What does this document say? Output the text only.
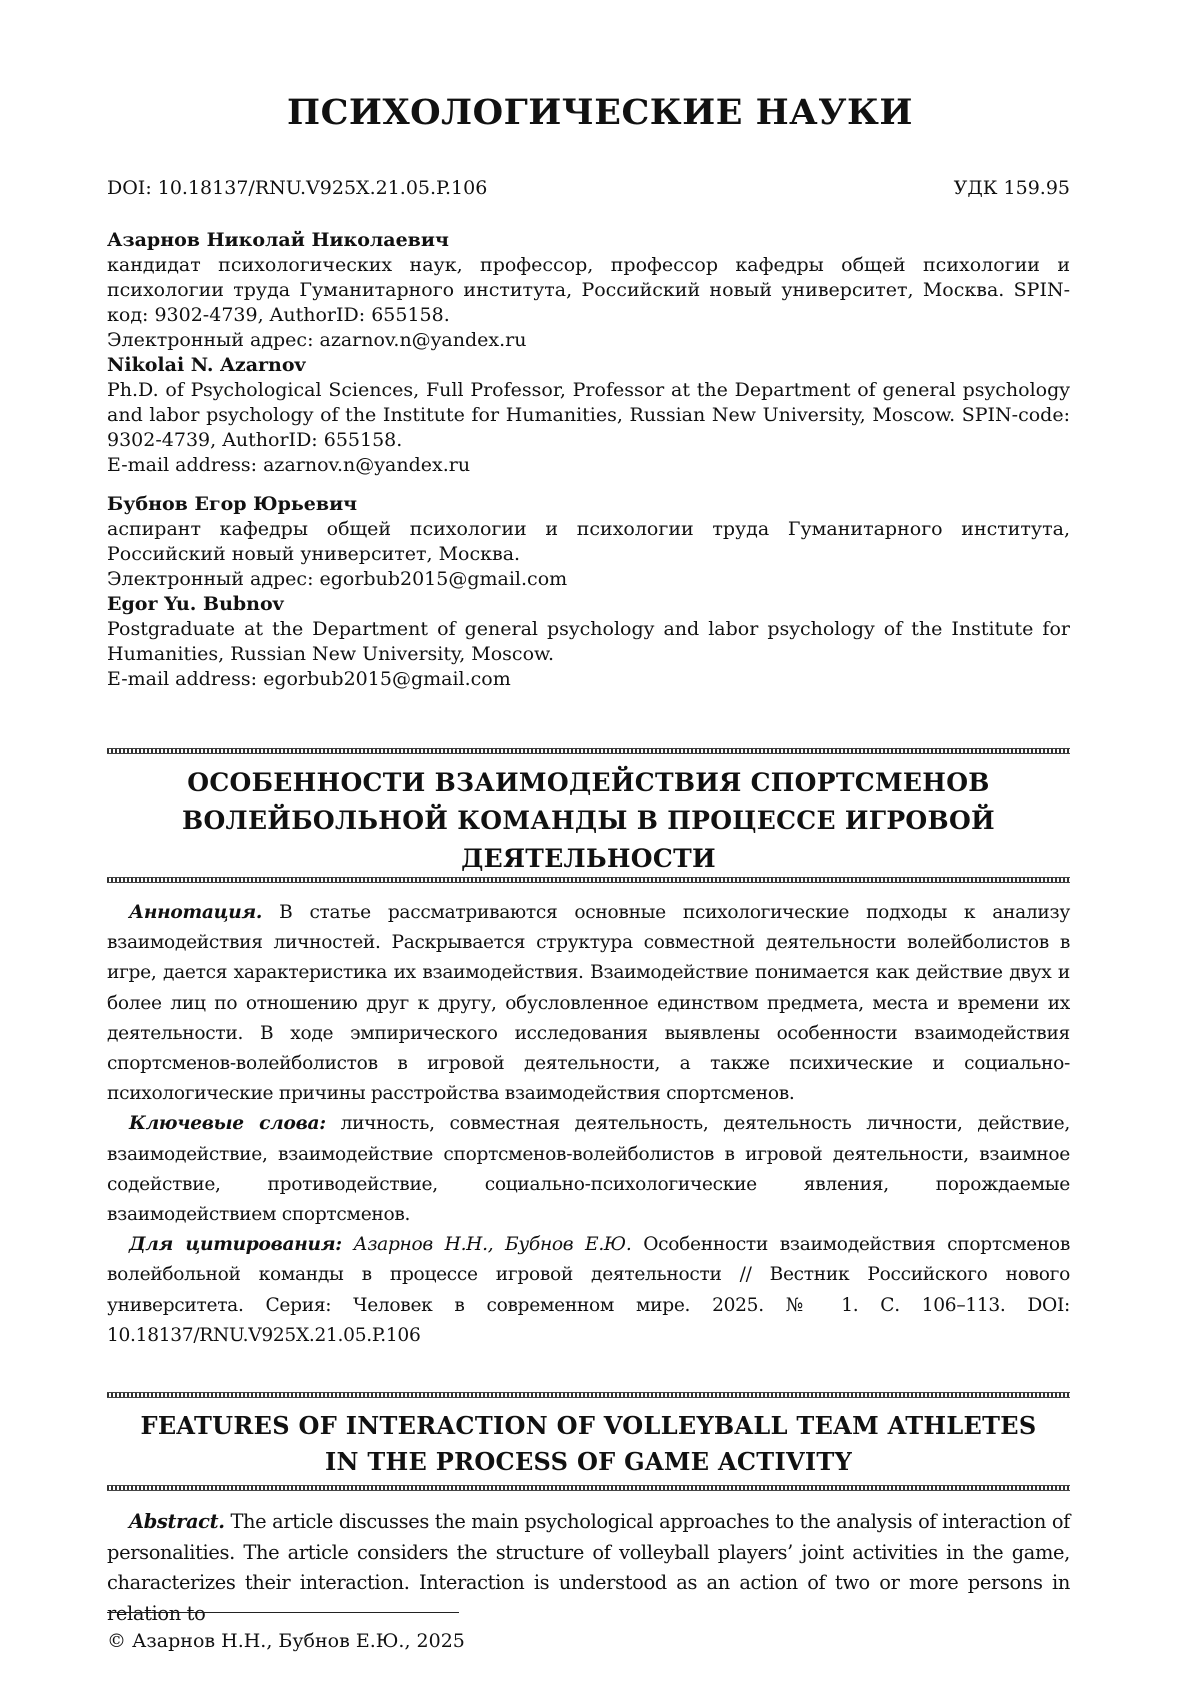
ПСИХОЛОГИЧЕСКИЕ НАУКИ
DOI: 10.18137/RNU.V925X.21.05.P.106	УДК 159.95
Азарнов Николай Николаевич
кандидат психологических наук, профессор, профессор кафедры общей психологии и психологии труда Гуманитарного института, Российский новый университет, Москва. SPIN-код: 9302-4739, AuthorID: 655158.
Электронный адрес: azarnov.n@yandex.ru
Nikolai N. Azarnov
Ph.D. of Psychological Sciences, Full Professor, Professor at the Department of general psychology and labor psychology of the Institute for Humanities, Russian New University, Moscow. SPIN-code: 9302-4739, AuthorID: 655158.
E-mail address: azarnov.n@yandex.ru
Бубнов Егор Юрьевич
аспирант кафедры общей психологии и психологии труда Гуманитарного института, Российский новый университет, Москва.
Электронный адрес: egorbub2015@gmail.com
Egor Yu. Bubnov
Postgraduate at the Department of general psychology and labor psychology of the Institute for Humanities, Russian New University, Moscow.
E-mail address: egorbub2015@gmail.com
ОСОБЕННОСТИ ВЗАИМОДЕЙСТВИЯ СПОРТСМЕНОВ
ВОЛЕЙБОЛЬНОЙ КОМАНДЫ В ПРОЦЕССЕ ИГРОВОЙ
ДЕЯТЕЛЬНОСТИ

Аннотация. В статье рассматриваются основные психологические подходы к анализу взаимодействия личностей. Раскрывается структура совместной деятельности волейболистов в игре, дается характеристика их взаимодействия. Взаимодействие понимается как действие двух и более лиц по отношению друг к другу, обусловленное единством предмета, места и времени их деятельности. В ходе эмпирического исследования выявлены особенности взаимодействия спортсменов-волейболистов в игровой деятельности, а также психические и социально-психологические причины расстройства взаимодействия спортсменов.

Ключевые слова: личность, совместная деятельность, деятельность личности, действие, взаимодействие, взаимодействие спортсменов-волейболистов в игровой деятельности, взаимное содействие, противодействие, социально-психологические явления, порождаемые взаимодействием спортсменов.

Для цитирования: Азарнов Н.Н., Бубнов Е.Ю. Особенности взаимодействия спортсменов волейбольной команды в процессе игровой деятельности // Вестник Российского нового университета. Серия: Человек в современном мире. 2025. № 1. С. 106–113. DOI: 10.18137/RNU.V925X.21.05.P.106

FEATURES OF INTERACTION OF VOLLEYBALL TEAM ATHLETES
IN THE PROCESS OF GAME ACTIVITY

Abstract. The article discusses the main psychological approaches to the analysis of interaction of personalities. The article considers the structure of volleyball players’ joint activities in the game, characterizes their interaction. Interaction is understood as an action of two or more persons in relation to

© Азарнов Н.Н., Бубнов Е.Ю., 2025
